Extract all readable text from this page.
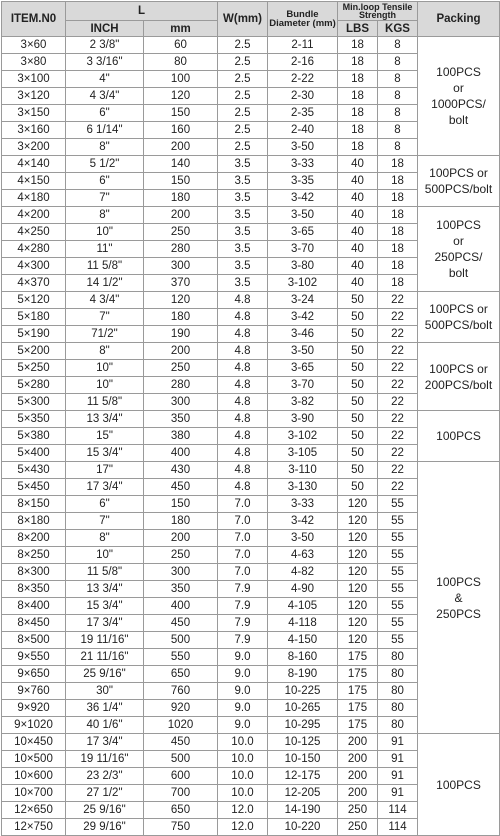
ITEM.N0	L		W(mm)	Bundle Diameter (mm)	Min.loop Tensile Strength		Packing
	INCH	mm			LBS	KGS	
3×60	2 3/8"	60	2.5	2-11	18	8	100PCS
or
1000PCS/
bolt

3×80	3 3/16"	80	2.5	2-16	18	8	
3×100	4"	100	2.5	2-22	18	8	
3×120	4 3/4"	120	2.5	2-30	18	8	
3×150	6"	150	2.5	2-35	18	8	
3×160	6 1/14"	160	2.5	2-40	18	8	
3×200	8"	200	2.5	3-50	18	8	
4×140	5 1/2"	140	3.5	3-33	40	18	100PCS or
500PCS/bolt

4×150	6"	150	3.5	3-35	40	18	
4×180	7"	180	3.5	3-42	40	18	
4×200	8"	200	3.5	3-50	40	18	100PCS
or
250PCS/
bolt

4×250	10"	250	3.5	3-65	40	18	
4×280	11"	280	3.5	3-70	40	18	
4×300	11 5/8"	300	3.5	3-80	40	18	
4×370	14 1/2"	370	3.5	3-102	40	18	
5×120	4 3/4"	120	4.8	3-24	50	22	100PCS or
500PCS/bolt

5×180	7"	180	4.8	3-42	50	22	
5×190	71/2"	190	4.8	3-46	50	22	
5×200	8"	200	4.8	3-50	50	22	100PCS or
200PCS/bolt

5×250	10"	250	4.8	3-65	50	22	
5×280	10"	280	4.8	3-70	50	22	
5×300	11 5/8"	300	4.8	3-82	50	22	
5×350	13 3/4"	350	4.8	3-90	50	22	100PCS

5×380	15"	380	4.8	3-102	50	22	
5×400	15 3/4"	400	4.8	3-105	50	22	
5×430	17"	430	4.8	3-110	50	22	100PCS
&
250PCS

5×450	17 3/4"	450	4.8	3-130	50	22	
8×150	6"	150	7.0	3-33	120	55	
8×180	7"	180	7.0	3-42	120	55	
8×200	8"	200	7.0	3-50	120	55	
8×250	10"	250	7.0	4-63	120	55	
8×300	11 5/8"	300	7.0	4-82	120	55	
8×350	13 3/4"	350	7.9	4-90	120	55	
8×400	15 3/4"	400	7.9	4-105	120	55	
8×450	17 3/4"	450	7.9	4-118	120	55	
8×500	19 11/16"	500	7.9	4-150	120	55	
9×550	21 11/16"	550	9.0	8-160	175	80	
9×650	25 9/16"	650	9.0	8-190	175	80	
9×760	30"	760	9.0	10-225	175	80	
9×920	36 1/4"	920	9.0	10-265	175	80	
9×1020	40 1/6"	1020	9.0	10-295	175	80	
10×450	17 3/4"	450	10.0	10-125	200	91	100PCS

10×500	19 11/16"	500	10.0	10-150	200	91	
10×600	23 2/3"	600	10.0	12-175	200	91	
10×700	27 1/2"	700	10.0	12-205	200	91	
12×650	25 9/16"	650	12.0	14-190	250	114	
12×750	29 9/16"	750	12.0	10-220	250	114	
